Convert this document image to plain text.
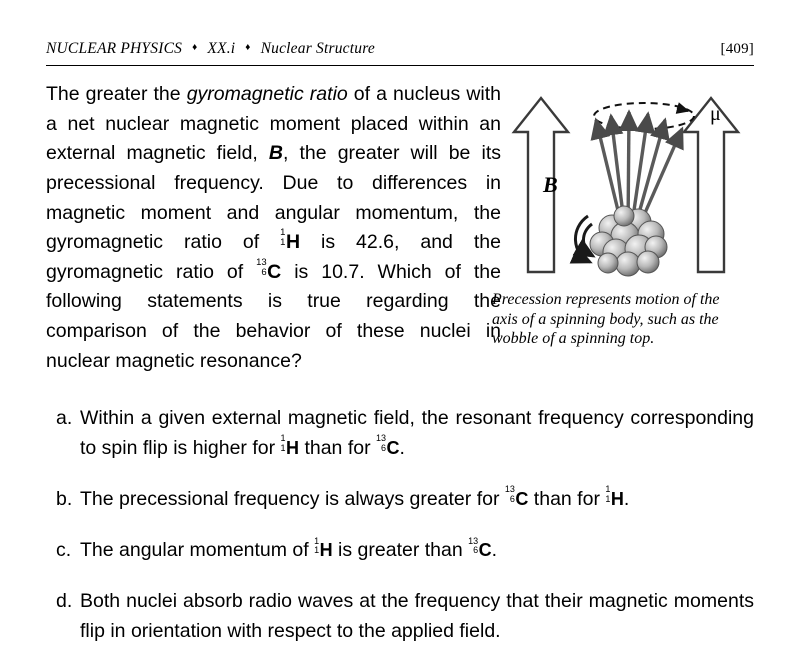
NUCLEAR PHYSICS ♦ XX.i ♦ Nuclear Structure	[409]
The greater the gyromagnetic ratio of a nucleus with a net nuclear magnetic moment placed within an external magnetic field, B, the greater will be its precessional frequency. Due to differences in magnetic moment and angular momentum, the gyromagnetic ratio of 1
1 H is 42.6, and the gyromagnetic ratio of 13
6 C is 10.7. Which of the following statements is true regarding the comparison of the behavior of these nuclei in nuclear magnetic resonance?
B
μ
Precession represents motion of the axis of a spinning body, such as the wobble of a spinning top.
a. Within a given external magnetic field, the resonant frequency corresponding to spin flip is higher for 1
1 H than for 13
6 C.
b. The precessional frequency is always greater for 13
6 C than for 1
1 H.
c. The angular momentum of 1
1 H is greater than 13
6 C.
d. Both nuclei absorb radio waves at the frequency that their magnetic moments flip in orientation with respect to the applied field.
